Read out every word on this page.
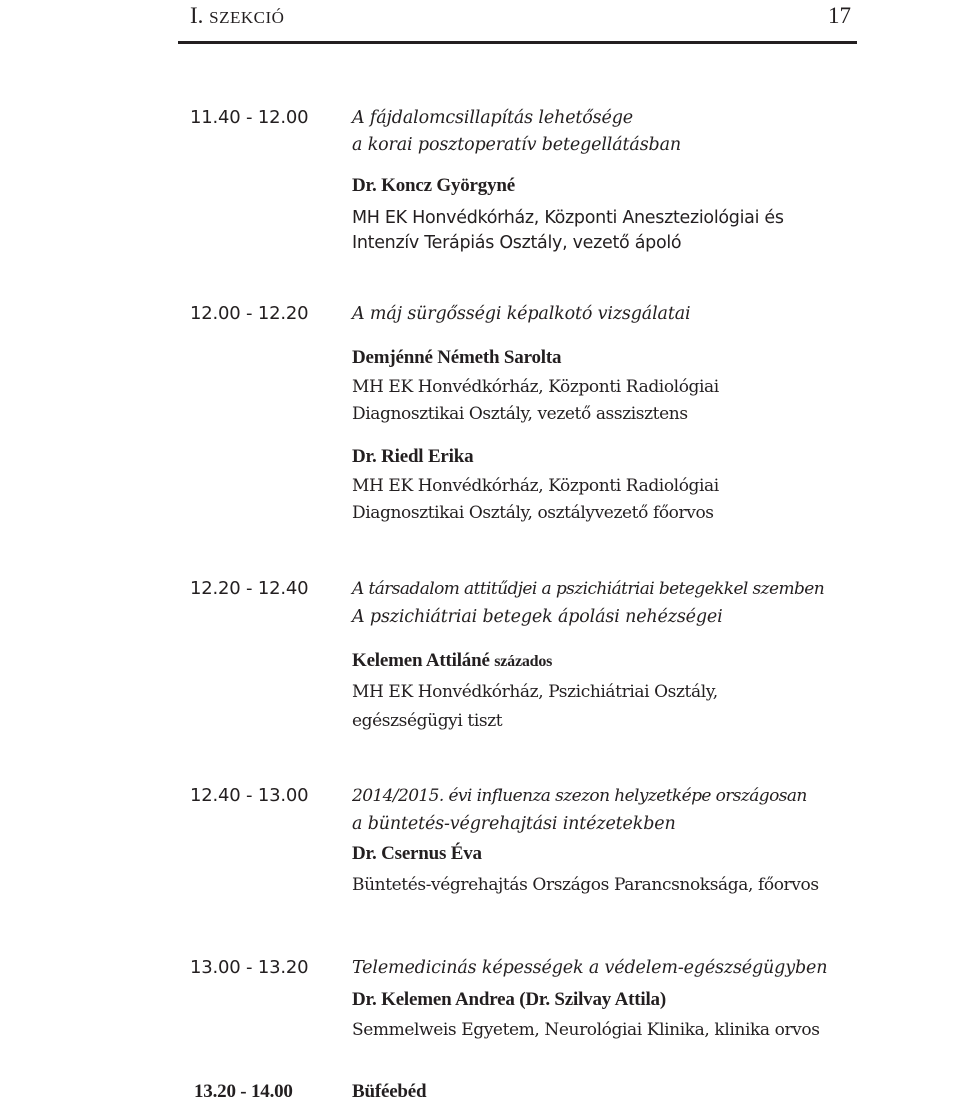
I. SZEKCIÓ	17
11.40 - 12.00 A fájdalomcsillapítás lehetősége
a korai posztoperatív betegellátásban
Dr. Koncz Györgyné
MH EK Honvédkórház, Központi Aneszteziológiai és
Intenzív Terápiás Osztály, vezető ápoló
12.00 - 12.20 A máj sürgősségi képalkotó vizsgálatai
Demjénné Németh Sarolta
MH EK Honvédkórház, Központi Radiológiai
Diagnosztikai Osztály, vezető asszisztens
Dr. Riedl Erika
MH EK Honvédkórház, Központi Radiológiai
Diagnosztikai Osztály, osztályvezető főorvos
12.20 - 12.40	A társadalom attitűdjei a pszichiátriai betegekkel szemben
A pszichiátriai betegek ápolási nehézségei
Kelemen Attiláné százados
MH EK Honvédkórház, Pszichiátriai Osztály,
egészségügyi tiszt
12.40 - 13.00	2014/2015. évi influenza szezon helyzetképe országosan
a büntetés-végrehajtási intézetekben
Dr. Csernus Éva
Büntetés-végrehajtás Országos Parancsnoksága, főorvos
13.00 - 13.20 Telemedicinás képességek a védelem-egészségügyben
Dr. Kelemen Andrea (Dr. Szilvay Attila)
Semmelweis Egyetem, Neurológiai Klinika, klinika orvos
13.20 - 14.00	Büféebéd
